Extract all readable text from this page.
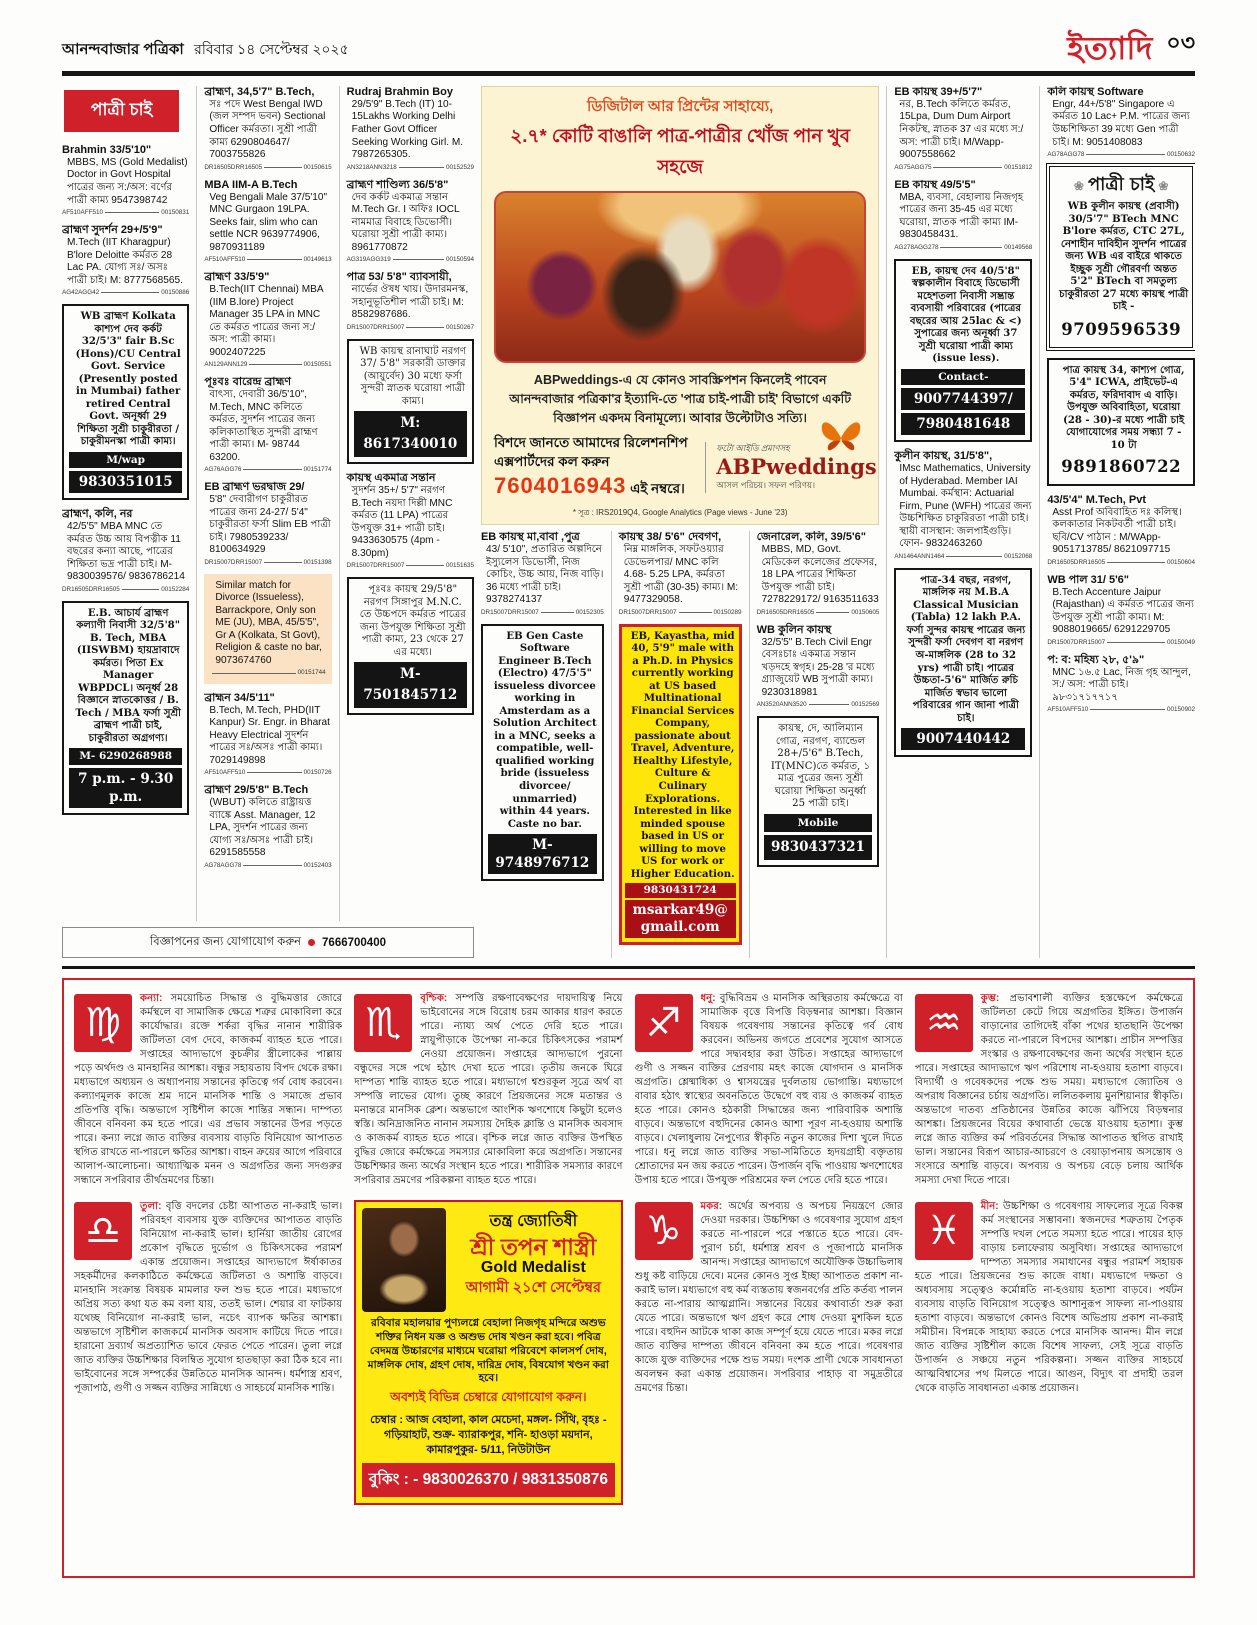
আনন্দবাজার পত্রিকা রবিবার ১৪ সেপ্টেম্বর ২০২৫	ইত্যাদি ০৩
পাত্রী চাই
Brahmin 33/5'10"
MBBS, MS (Gold Medalist) Doctor in Govt Hospital পাত্রের জন্য স:/অস: বর্ণের পাত্রী কাম্য 9547398742
AF510AFF510	00150831
ব্রাহ্মণ সুদর্শন 29+/5'9"
M.Tech (IIT Kharagpur) B'lore Deloitte কর্মরত 28 Lac PA. যোগ্য সঃ/ অসঃ পাত্রী চাই। M: 8777568565.
AG42AGG42	00150886
WB ব্রাহ্মণ Kolkata কাশ্যপ দেব কর্কট 32/5'3" fair B.Sc (Hons)/CU Central Govt. Service (Presently posted in Mumbai) father retired Central Govt. অনূর্ধ্বা 29 শিক্ষিতা সুশ্রী চাকুরীরতা / চাকুরীমনস্কা পাত্রী কাম্য।
M/wap
9830351015
ব্রাহ্মণ, কলি, নর
42/5'5" MBA MNC তে কর্মরত উচ্চ আয় বিপত্নীক 11 বছরের কন্যা আছে, পাত্রের শিক্ষিতা ভদ্র পাত্রী চাই। M- 9830039576/ 9836786214
DR16505DRR16505	00152284
E.B. আচার্য ব্রাহ্মণ কল্যাণী নিবাসী 32/5'8" B. Tech, MBA (IISWBM) হায়দ্রাবাদে কর্মরত। পিতা Ex Manager WBPDCL। অনূর্ধ্ব 28 বিজ্ঞানে স্নাতকোত্তর / B. Tech / MBA ফর্সা সুশ্রী ব্রাহ্মণ পাত্রী চাই, চাকুরীরতা অগ্রগণ্য।
M- 6290268988
7 p.m. - 9.30 p.m.
ব্রাহ্মণ, 34,5'7" B.Tech,
সঃ পদে West Bengal IWD (জল সম্পদ ভবন) Sectional Officer কর্মরতা। সুশ্রী পাত্রী কাম্য 6290804647/ 7003755826
DR16505DRR16505	00150615
MBA IIM-A B.Tech
Veg Bengali Male 37/5'10" MNC Gurgaon 19LPA. Seeks fair, slim who can settle NCR 9639774906, 9870931189
AF510AFF510	00149613
ব্রাহ্মণ 33/5'9"
B.Tech(IIT Chennai) MBA (IIM B.lore) Project Manager 35 LPA in MNC তে কর্মরত পাত্রের জন্য স:/অস: পাত্রী কাম্য। 9002407225
AN129ANN129	00150551
পূঃবঃ বারেন্দ্র ব্রাহ্মণ
বাৎস্য, দেবারী 36/5'10", M.Tech, MNC কলিতে কর্মরত, সুদর্শন পাত্রের জন্য কলিকাতাস্থিত সুন্দরী ব্রাহ্মণ পাত্রী কাম্য। M- 98744 63200.
AG76AGG76	00151774
EB ব্রাহ্মণ ভরদ্বাজ 29/
5'8" দেবারীগণ চাকুরীরত পাত্রের জন্য 24-27/ 5'4" চাকুরীরতা ফর্সা Slim EB পাত্রী চাই। 7980539233/ 8100634929
DR15007DRR15007	00151398
Similar match for Divorce (Issueless), Barrackpore, Only son ME (JU), MBA, 45/5'5", Gr A (Kolkata, St Govt), Religion & caste no bar, 9073674760
00151744
ব্রাহ্মন 34/5'11"
B.Tech, M.Tech, PHD(IIT Kanpur) Sr. Engr. in Bharat Heavy Electrical সুদর্শন পাত্রের সঃ/অসঃ পাত্রী কাম্য। 7029149898
AF510AFF510	00150726
ব্রাহ্মণ 29/5'8" B.Tech
(WBUT) কলিতে রাষ্ট্রায়ত্ত ব্যাঙ্কে Asst. Manager, 12 LPA, সুদর্শন পাত্রের জন্য যোগ্য সঃ/অসঃ পাত্রী চাই। 6291585558
AG78AGG78	00152403
Rudraj Brahmin Boy
29/5'9" B.Tech (IT) 10-15Lakhs Working Delhi Father Govt Officer Seeking Working Girl. M. 7987265305.
AN3218ANN3218	00152529
ব্রাহ্মণ শাণ্ডিল্য 36/5'8"
দেব কর্কট একমাত্র সন্তান M.Tech Gr. I অফিঃ IOCL নামমাত্র বিবাহে ডিভোর্সী। ঘরোয়া সুশ্রী পাত্রী কাম্য। 8961770872
AG319AGG319	00150594
পাত্র 53/ 5'8" ব্যাবসায়ী,
নার্ভের ঔষধ খায়। উদারমনস্ক, সহানুভূতিশীল পাত্রী চাই। M: 8582987686.
DR15007DRR15007	00150267
WB কায়স্থ রানাঘাট নরগণ 37/ 5'8" সরকারী ডাক্তার (আয়ুর্বেদ) 30 মধ্যে ফর্সা সুন্দরী স্নাতক ঘরোয়া পাত্রী কাম্য।
M: 8617340010
কায়স্থ একমাত্র সন্তান
সুদর্শন 35+/ 5'7" নরগণ B.Tech নয়দা দিল্লী MNC কর্মরত (11 LPA) পাত্রের উপযুক্ত 31+ পাত্রী চাই। 9433630575 (4pm - 8.30pm)
DR15007DRR15007	00151635
পূঃবঃ কায়স্থ 29/5'8" নরগণ সিঙ্গাপুর M.N.C. তে উচ্চপদে কর্মরত পাত্রের জন্য উপযুক্ত শিক্ষিতা সুশ্রী পাত্রী কাম্য, 23 থেকে 27 এর মধ্যে।
M- 7501845712
বিজ্ঞাপনের জন্য যোগাযোগ করুন 7666700400
ডিজিটাল আর প্রিন্টের সাহায্যে,
২.৭* কোটি বাঙালি পাত্র-পাত্রীর খোঁজ পান খুব সহজে
ABPweddings-এ যে কোনও সাবস্ক্রিপশন কিনলেই পাবেন আনন্দবাজার পত্রিকা'র ইত্যাদি-তে 'পাত্র চাই-পাত্রী চাই' বিভাগে একটি বিজ্ঞাপন একদম বিনামূল্যে। আবার উল্টোটাও সত্যি।
বিশদে জানতে আমাদের রিলেশনশিপ এক্সপার্টদের কল করুন
7604016943 এই নম্বরে।
ফটো আইডি প্রমাণসহ
ABPweddings
আসল পরিচয়। সফল পরিণয়।
* সূত্র : IRS2019Q4, Google Analytics (Page views - June '23)
EB কায়স্থ মা,বাবা ,পুত্র
43/ 5'10", প্রতারিত অল্পদিনে ইস্যুলেস ডিভোর্সী, নিজ কোচিং, উচ্চ আয়, নিজ বাড়ি। 36 মধ্যে পাত্রী চাই। 9378274137
DR15007DRR15007	00152305
EB Gen Caste Software Engineer B.Tech (Electro) 47/5'5" issueless divorcee working in Amsterdam as a Solution Architect in a MNC, seeks a compatible, well-qualified working bride (issueless divorcee/ unmarried) within 44 years. Caste no bar.
M-9748976712
কায়স্থ 38/ 5'6" দেবগণ,
নিম্ন মাঙ্গলিক, সফটওয়্যার ডেভেলপার/ MNC কলি 4.68- 5.25 LPA, কর্মরতা সুশ্রী পাত্রী (30-35) কাম্য। M: 9477329058.
DR15007DRR15007	00150289
EB, Kayastha, mid 40, 5'9" male with a Ph.D. in Physics currently working at US based Multinational Financial Services Company, passionate about Travel, Adventure, Healthy Lifestyle, Culture & Culinary Explorations. Interested in like minded spouse based in US or willing to move US for work or Higher Education.
9830431724
msarkar49@ gmail.com
জেনারেল, কলি, 39/5'6"
MBBS, MD, Govt. মেডিকেল কলেজের প্রফেসর, 18 LPA পাত্রের শিক্ষিতা উপযুক্ত পাত্রী চাই। 7278229172/ 9163511633
DR16505DRR16505	00150605
WB কুলিন কায়স্থ
32/5'5" B.Tech Civil Engr বেসঃচাঃ একমাত্র সন্তান খড়দহে স্বগৃহ। 25-28 'র মধ্যে গ্র্যাজুয়েট WB সুপাত্রী কাম্য। 9230318981
AN3520ANN3520	00152569
কায়স্থ, দে, আলিম্যান গোত্র, নরগণ, ব্যান্ডেল 28+/5'6" B.Tech, IT(MNC)তে কর্মরত, ১ মাত্র পুত্রের জন্য সুশ্রী ঘরোয়া শিক্ষিতা অনুর্ধ্বা 25 পাত্রী চাই।
Mobile
9830437321
EB কায়স্থ 39+/5'7"
নর, B.Tech কলিতে কর্মরত, 15Lpa, Dum Dum Airport নিকটস্থ, স্নাতক 37 এর মধ্যে স:/অস: পাত্রী চাই। M/Wapp- 9007558662
AG75AGG75	00151812
EB কায়স্থ 49/5'5"
MBA, ব্যবসা, বেহালায় নিজগৃহ পাত্রের জন্য 35-45 এর মধ্যে ঘরোয়া, স্নাতক পাত্রী কাম্য IM- 9830458431.
AG278AGG278	00149568
EB, কায়স্থ দেব 40/5'8" স্বল্পকালীন বিবাহে ডিভোর্সী মহেশতলা নিবাসী সম্ভ্রান্ত ব্যবসায়ী পরিবারের (পাত্রের বছরের আয় 25lac & <) সুপাত্রের জন্য অনূর্ধ্বা 37 সুশ্রী ঘরোয়া পাত্রী কাম্য (issue less).
Contact-
9007744397/
7980481648
কুলীন কায়স্থ, 31/5'8",
IMsc Mathematics, University of Hyderabad. Member IAI Mumbai. কর্মস্থান: Actuarial Firm, Pune (WFH) পাত্রের জন্য উচ্চশিক্ষিত চাকুরিরতা পাত্রী চাই। স্থায়ী বাসস্থান: জলপাইগুড়ি। ফোন- 9832463260
AN1464ANN1464	00152068
পাত্র-34 বছর, নরগণ, মাঙ্গলিক নয় M.B.A Classical Musician (Tabla) 12 lakh P.A. ফর্সা সুন্দর কায়স্থ পাত্রের জন্য সুন্দরী ফর্সা দেবগণ বা নরগণ অ-মাঙ্গলিক (28 to 32 yrs) পাত্রী চাই। পাত্রের উচ্চতা-5'6" মার্জিত রুচি মার্জিত স্বভাব ভালো পরিবারের গান জানা পাত্রী চাই।
9007440442
কলি কায়স্থ Software
Engr, 44+/5'8" Singapore এ কর্মরত 10 Lac+ P.M. পাত্রের জন্য উচ্চশিক্ষিতা 39 মধ্যে Gen পাত্রী চাই। M: 9051408083
AG78AGG78	00150632
❀ পাত্রী চাই ❀
WB কুলীন কায়স্থ (প্রবাসী) 30/5'7" BTech MNC B'lore কর্মরত, CTC 27L, নেশাহীন দাবিহীন সুদর্শন পাত্রের জন্য WB এর বাইরে থাকতে ইচ্ছুক সুশ্রী গৌরবর্ণা অন্তত 5'2" BTech বা সমতুল্য চাকুরীরতা 27 মধ্যে কায়স্থ পাত্রী চাই -
9709596539
পাত্র কায়স্থ 34, কাশ্যপ গোত্র, 5'4" ICWA, প্রাইভেট-এ কর্মরত, ফরিদাবাদ এ বাড়ি। উপযুক্ত অবিবাহিতা, ঘরোয়া (28 - 30)-র মধ্যে পাত্রী চাই যোগাযোগের সময় সন্ধ্যা 7 - 10 টা
9891860722
43/5'4" M.Tech, Pvt
Asst Prof অবিবাহিত দঃ কলিস্থ। কলকাতার নিকটবর্তী পাত্রী চাই। ছবি/CV পাঠান : M/WApp- 9051713785/ 8621097715
DR16505DRR16505	00150604
WB পাল 31/ 5'6"
B.Tech Accenture Jaipur (Rajasthan) এ কর্মরত পাত্রের জন্য উপযুক্ত সুশ্রী পাত্রী কাম্য। M: 9088019665/ 6291229705
DR15007DRR15007	00150049
প: ব: মহিষ্য ২৮, ৫'৯"
MNC ১৬.৫ Lac, নিজ গৃহ আন্দুল, স:/ অস: পাত্রী চাই। ৯৮৩১৭১৭৭১৭
AF510AFF510	00150902
♍
কন্যা: সময়োচিত সিদ্ধান্ত ও বুদ্ধিমত্তার জোরে কর্মস্থলে বা সামাজিক ক্ষেত্রে শত্রুর মোকাবিলা করে কার্যোদ্ধার। রক্তে শর্করা বৃদ্ধির নানান শারীরিক জটিলতা বেগ দেবে, কাজকর্ম ব্যাহত হতে পারে। সপ্তাহের আদ্যভাগে কুচক্রীর স্ত্রীলোকের পাল্লায় পড়ে অর্থদণ্ড ও মানহানির আশঙ্কা। বন্ধুর সহায়তায় বিপদ থেকে রক্ষা। মধ্যভাগে অধ্যয়ন ও অধ্যাপনায় সন্তানের কৃতিত্বে গর্ব বোধ করবেন। কল্যাণমূলক কাজে শ্রম দানে মানসিক শান্তি ও সমাজে প্রভাব প্রতিপত্তি বৃদ্ধি। অন্তভাগে সৃষ্টিশীল কাজে শান্তির সন্ধান। দাম্পত্য জীবনে বনিবনা কম হতে পারে। এর প্রভাব সন্তানের উপর পড়তে পারে। কন্যা লগ্নে জাত ব্যক্তির ব্যবসায় বাড়তি বিনিয়োগ আপাতত স্থগিত রাখতে না-পারলে ক্ষতির আশঙ্কা। বাহন ক্রয়ের আগে পরিবারে আলাপ-আলোচনা। আধ্যাত্মিক মনন ও অগ্রগতির জন্য সদগুরুর সন্ধানে সপরিবার তীর্থভ্রমণের চিন্তা।
♎
তুলা: বৃত্তি বদলের চেষ্টা আপাতত না-করাই ভাল। পরিবহণ ব্যবসায় যুক্ত ব্যক্তিদের আপাতত বাড়তি বিনিয়োগ না-করাই ভাল। হার্নিয়া জাতীয় রোগের প্রকোপ বৃদ্ধিতে দুর্ভোগ ও চিকিৎসকের পরামর্শ একান্ত প্রয়োজন। সপ্তাহের আদ্যভাগে ঈর্ষাকাতর সহকর্মীদের কলকাঠিতে কর্মক্ষেত্রে জটিলতা ও অশান্তি বাড়বে। মানহানি সংক্রান্ত বিষয়ক মামলার ফল শুভ হতে পারে। মধ্যভাগে অপ্রিয় সত্য কথা যত কম বলা যায়, ততই ভাল। শেয়ার বা ফাটকায় যথেচ্ছ বিনিয়োগ না-করাই ভাল, নচেৎ ব্যাপক ক্ষতির আশঙ্কা। অন্তভাগে সৃষ্টিশীল কাজকর্মে মানসিক অবসাদ কাটিয়ে দিতে পারে। হারানো দ্রব্যার্থ অপ্রত্যাশিত ভাবে ফেরত পেতে পারেন। তুলা লগ্নে জাত ব্যক্তির উচ্চশিক্ষার বিলম্বিত সুযোগ হাতছাড়া করা ঠিক হবে না। ভাইবোনের সঙ্গে সম্পর্কের উন্নতিতে মানসিক আনন্দ। ধর্মশাস্ত্র শ্রবণ, পূজাপাঠ, গুণী ও সজ্জন ব্যক্তির সান্নিধ্যে ও সাহচর্যে মানসিক শান্তি।
♏
বৃশ্চিক: সম্পত্তি রক্ষণাবেক্ষণের দায়দায়িত্ব নিয়ে ভাইবোনের সঙ্গে বিরোধ চরম আকার ধারণ করতে পারে। ন্যায্য অর্থ পেতে দেরি হতে পারে। স্নায়ুপীড়াকে উপেক্ষা না-করে চিকিৎসকের পরামর্শ নেওয়া প্রয়োজন। সপ্তাহের আদ্যভাগে পুরনো বন্ধুদের সঙ্গে পথে হঠাৎ দেখা হতে পারে। তৃতীয় জনকে ঘিরে দাম্পত্য শান্তি ব্যাহত হতে পারে। মধ্যভাগে শ্বশুরকূল সূত্রে অর্থ বা সম্পত্তি লাভের যোগ। তুচ্ছ কারণে প্রিয়জনের সঙ্গে মতান্তর ও মনান্তরে মানসিক ক্লেশ। অন্তভাগে আংশিক ঋণশোধে কিছুটা হলেও স্বস্তি। অনিদ্রাজনিত নানান সমস্যায় দৈহিক ক্লান্তি ও মানসিক অবসাদ ও কাজকর্ম ব্যাহত হতে পারে। বৃশ্চিক লগ্নে জাত ব্যক্তির উপস্থিত বুদ্ধির জোরে কর্মক্ষেত্রে সমস্যার মোকাবিলা করে অগ্রগতি। সন্তানের উচ্চশিক্ষার জন্য অর্থের সংস্থান হতে পারে। শারীরিক সমস্যার কারণে সপরিবার ভ্রমণের পরিকল্পনা ব্যাহত হতে পারে।
তন্ত্র জ্যোতিষী
শ্রী তপন শাস্ত্রী
Gold Medalist
আগামী ২১শে সেপ্টেম্বর
রবিবার মহালয়ার পুণ্যলগ্নে বেহালা নিজগৃহ মন্দিরে অশুভ শক্তির নিধন যজ্ঞ ও অশুভ দোষ খণ্ডন করা হবে। পবিত্র বেদমন্ত্র উচ্চারণের মাধ্যমে ঘরোয়া পরিবেশে কালসর্প দোষ, মাঙ্গলিক দোষ, গ্রহণ দোষ, দারিদ্র দোষ, বিষযোগ খণ্ডন করা হবে।
অবশ্যই বিভিন্ন চেম্বারে যোগাযোগ করুন।
চেম্বার : আজ বেহালা, কাল মেচেদা, মঙ্গল- সিঁথি, বৃহঃ - গড়িয়াহাট, শুক্র- ব্যারাকপুর, শনি- হাওড়া ময়দান, কামারপুকুর- 5/11, নিউটাউন
বুকিং : - 9830026370 / 9831350876
♐
ধনু: বুদ্ধিবিভ্রম ও মানসিক অস্থিরতায় কর্মক্ষেত্রে বা সামাজিক বৃত্তে বিপত্তি বিড়ম্বনার আশঙ্কা। বিজ্ঞান বিষয়ক গবেষণায় সন্তানের কৃতিত্বে গর্ব বোধ করবেন। অভিনয় জগতে প্রবেশের সুযোগ আসতে পারে সদ্ব্যবহার করা উচিত। সপ্তাহের আদ্যভাগে গুণী ও সজ্জন ব্যক্তির প্রেরণায় মহৎ কাজে যোগদান ও মানসিক অগ্রগতি। শ্লেষ্মাধিক্য ও শ্বাসযন্ত্রের দুর্বলতায় ভোগান্তি। মধ্যভাগে বাবার হঠাৎ স্বাস্থ্যের অবনতিতে উদ্বেগে বহু ব্যয় ও কাজকর্ম ব্যাহত হতে পারে। কোনও হঠকারী সিদ্ধান্তের জন্য পারিবারিক অশান্তি বাড়বে। অন্তভাগে বহুদিনের কোনও আশা পূরণ না-হওয়ায় অশান্তি বাড়বে। খেলাধুলায় নৈপুণ্যের স্বীকৃতি নতুন কাজের দিশা খুলে দিতে পারে। ধনু লগ্নে জাত ব্যক্তির সভা-সমিতিতে হৃদয়গ্রাহী বক্তৃতায় শ্রোতাদের মন জয় করতে পারেন। উপার্জন বৃদ্ধি পাওয়ায় ঋণশোধের উপায় হতে পারে। উপযুক্ত পরিশ্রমের ফল পেতে দেরি হতে পারে।
♑
মকর: অর্থের অপব্যয় ও অপচয় নিয়ন্ত্রণে জোর দেওয়া দরকার। উচ্চশিক্ষা ও গবেষণার সুযোগ গ্রহণ করতে না-পারলে পরে পস্তাতে হতে পারে। বেদ-পুরাণ চর্চা, ধর্মশাস্ত্র শ্রবণ ও পূজাপাঠে মানসিক আনন্দ। সপ্তাহের আদ্যভাগে অযৌক্তিক উচ্চাভিলাষ শুধু কষ্ট বাড়িয়ে দেবে। মনের কোনও সুপ্ত ইচ্ছা আপাতত প্রকাশ না-করাই ভাল। মধ্যভাগে বহু কর্ম ব্যস্ততায় স্বজনবর্গের প্রতি কর্তব্য পালন করতে না-পারায় আত্মগ্লানি। সন্তানের বিয়ের কথাবার্তা শুরু করা যেতে পারে। অন্তভাগে ঋণ গ্রহণ করে শোধ দেওয়া মুশকিল হতে পারে। বহুদিন আটকে থাকা কাজ সম্পূর্ণ হয়ে যেতে পারে। মকর লগ্নে জাত ব্যক্তির দাম্পত্য জীবনে বনিবনা কম হতে পারে। গবেষণার কাজে যুক্ত ব্যক্তিদের পক্ষে শুভ সময়। দংশক প্রাণী থেকে সাবধানতা অবলম্বন করা একান্ত প্রয়োজন। সপরিবার পাহাড় বা সমুদ্রতীরে ভ্রমণের চিন্তা।
♒
কুম্ভ: প্রভাবশালী ব্যক্তির হস্তক্ষেপে কর্মক্ষেত্রে জটিলতা কেটে গিয়ে অগ্রগতির ইঙ্গিত। উপার্জন বাড়ানোর তাগিদেই বাঁকা পথের হাতছানি উপেক্ষা করতে না-পারলে বিপদের আশঙ্কা। প্রাচীন সম্পত্তির সংস্কার ও রক্ষণাবেক্ষণের জন্য অর্থের সংস্থান হতে পারে। সপ্তাহের আদ্যভাগে ঋণ পরিশোধ না-হওয়ায় হতাশা বাড়বে। বিদ্যার্থী ও গবেষকদের পক্ষে শুভ সময়। মধ্যভাগে জ্যোতিষ ও অপরাধ বিজ্ঞানের চর্চায় অগ্রগতি। ললিতকলায় মুনশিয়ানার স্বীকৃতি। অন্তভাগে দাতব্য প্রতিষ্ঠানের উন্নতির কাজে ঝাঁপিয়ে বিড়ম্বনার আশঙ্কা। প্রিয়জনের বিয়ের কথাবার্তা ভেস্তে যাওয়ায় হতাশা। কুম্ভ লগ্নে জাত ব্যক্তির কর্ম পরিবর্তনের সিদ্ধান্ত আপাতত স্থগিত রাখাই ভাল। সন্তানের বিরূপ আচার-আচরণে ও বেয়াড়াপনায় অসন্তোষ ও সংসারে অশান্তি বাড়বে। অপব্যয় ও অপচয় বেড়ে চলায় আর্থিক সমস্যা দেখা দিতে পারে।
♓
মীন: উচ্চশিক্ষা ও গবেষণায় সাফল্যের সূত্রে বিকল্প কর্ম সংস্থানের সম্ভাবনা। স্বজনদের শত্রুতায় পৈতৃক সম্পত্তি দখল পেতে সমস্যা হতে পারে। পায়ের হাড় বাড়ায় চলাফেরায় অসুবিধা। সপ্তাহের আদ্যভাগে দাম্পত্য সমস্যার সমাধানের বন্ধুর পরামর্শ সহায়ক হতে পারে। প্রিয়জনের শুভ কাজে বাধা। মধ্যভাগে দক্ষতা ও অধ্যবসায় সত্ত্বেও কর্মোন্নতি না-হওয়ায় হতাশা বাড়বে। পর্যটন ব্যবসায় বাড়তি বিনিয়োগ সত্ত্বেও আশানুরূপ সাফল্য না-পাওয়ায় হতাশা বাড়বে। অন্তভাগে কোনও বিশেষ অভিপ্রায় প্রকাশ না-করাই সমীচীন। বিপন্নকে সাহায্য করতে পেরে মানসিক আনন্দ। মীন লগ্নে জাত ব্যক্তির সৃষ্টিশীল কাজে বিশেষ সাফল্য, সেই সূত্রে বাড়তি উপার্জন ও সঞ্চয়ে নতুন পরিকল্পনা। সজ্জন ব্যক্তির সাহচর্যে আত্মবিশ্বাসের পথ মিলতে পারে। আগুন, বিদ্যুৎ বা প্রদাহী তরল থেকে বাড়তি সাবধানতা একান্ত প্রয়োজন।
